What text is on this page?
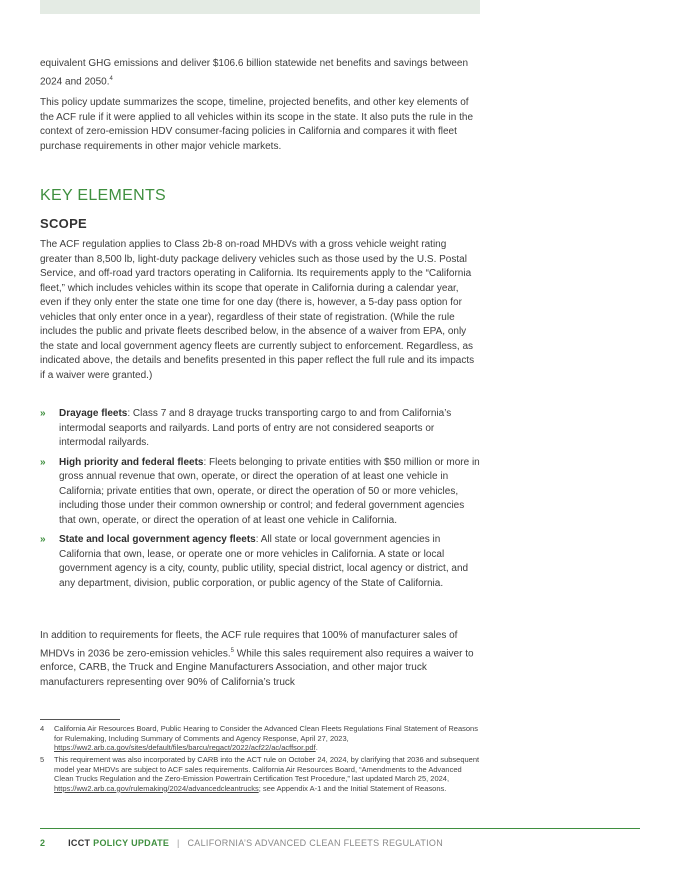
equivalent GHG emissions and deliver $106.6 billion statewide net benefits and savings between 2024 and 2050.$^4$

This policy update summarizes the scope, timeline, projected benefits, and other key elements of the ACF rule if it were applied to all vehicles within its scope in the state. It also puts the rule in the context of zero-emission HDV consumer-facing policies in California and compares it with fleet purchase requirements in other major vehicle markets.

KEY ELEMENTS
SCOPE

The ACF regulation applies to Class 2b-8 on-road MHDVs with a gross vehicle weight rating greater than 8,500 lb, light-duty package delivery vehicles such as those used by the U.S. Postal Service, and off-road yard tractors operating in California. Its requirements apply to the “California fleet,” which includes vehicles within its scope that operate in California during a calendar year, even if they only enter the state one time for one day (there is, however, a 5-day pass option for vehicles that only enter once in a year), regardless of their state of registration. (While the rule includes the public and private fleets described below, in the absence of a waiver from EPA, only the state and local government agency fleets are currently subject to enforcement. Regardless, as indicated above, the details and benefits presented in this paper reflect the full rule and its impacts if a waiver were granted.)

» Drayage fleets: Class 7 and 8 drayage trucks transporting cargo to and from California’s intermodal seaports and railyards. Land ports of entry are not considered seaports or intermodal railyards.
» High priority and federal fleets: Fleets belonging to private entities with $50 million or more in gross annual revenue that own, operate, or direct the operation of at least one vehicle in California; private entities that own, operate, or direct the operation of 50 or more vehicles, including those under their common ownership or control; and federal government agencies that own, operate, or direct the operation of at least one vehicle in California.
» State and local government agency fleets: All state or local government agencies in California that own, lease, or operate one or more vehicles in California. A state or local government agency is a city, county, public utility, special district, local agency or district, and any department, division, public corporation, or public agency of the State of California.

In addition to requirements for fleets, the ACF rule requires that 100% of manufacturer sales of MHDVs in 2036 be zero-emission vehicles.$^5$ While this sales requirement also requires a waiver to enforce, CARB, the Truck and Engine Manufacturers Association, and other major truck manufacturers representing over 90% of California’s truck

4 California Air Resources Board, Public Hearing to Consider the Advanced Clean Fleets Regulations Final Statement of Reasons for Rulemaking, Including Summary of Comments and Agency Response, April 27, 2023, https://ww2.arb.ca.gov/sites/default/files/barcu/regact/2022/acf22/ac/acffsor.pdf.
5 This requirement was also incorporated by CARB into the ACT rule on October 24, 2024, by clarifying that 2036 and subsequent model year MHDVs are subject to ACF sales requirements. California Air Resources Board, “Amendments to the Advanced Clean Trucks Regulation and the Zero-Emission Powertrain Certification Test Procedure,” last updated March 25, 2024, https://ww2.arb.ca.gov/rulemaking/2024/advancedcleantrucks; see Appendix A-1 and the Initial Statement of Reasons.
2	ICCT POLICY UPDATE | CALIFORNIA’S ADVANCED CLEAN FLEETS REGULATION
